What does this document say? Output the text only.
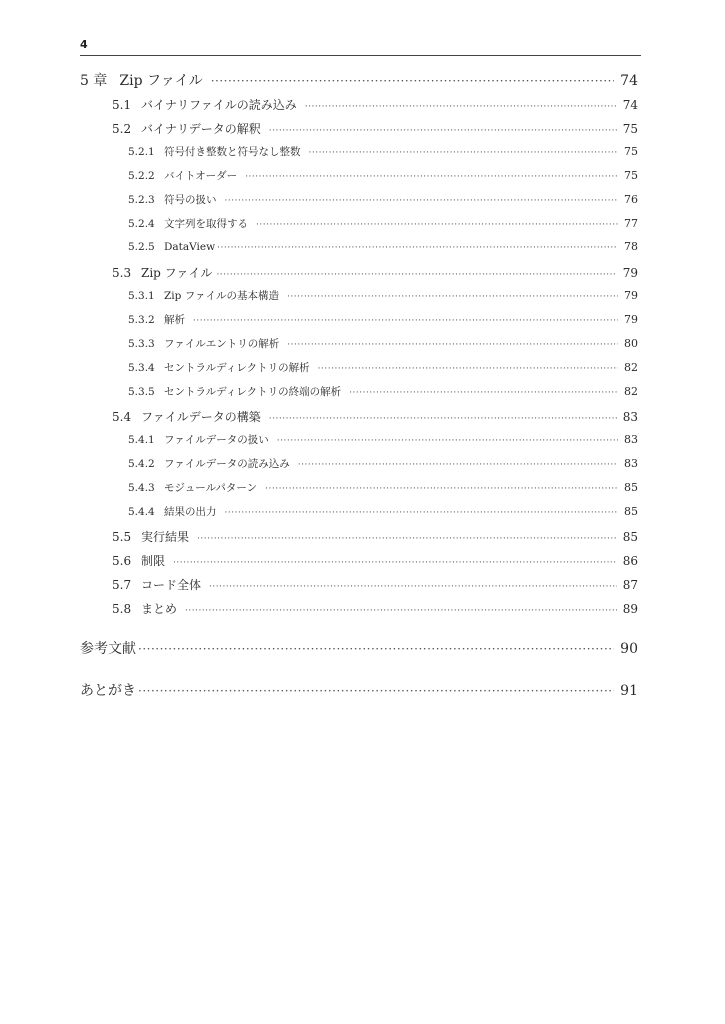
4
5 章 Zip ファイル ·····	74
5.1 バイナリファイルの読み込み ·····	74
5.2 バイナリデータの解釈 ·····	75
5.2.1 符号付き整数と符号なし整数 ·····	75
5.2.2 バイトオーダー ·····	75
5.2.3 符号の扱い ·····	76
5.2.4 文字列を取得する ·····	77
5.2.5 DataView ·····	78
5.3 Zip ファイル ·····	79
5.3.1 Zip ファイルの基本構造 ·····	79
5.3.2 解析 ·····	79
5.3.3 ファイルエントリの解析 ·····	80
5.3.4 セントラルディレクトリの解析 ·····	82
5.3.5 セントラルディレクトリの終端の解析 ·····	82
5.4 ファイルデータの構築 ·····	83
5.4.1 ファイルデータの扱い ·····	83
5.4.2 ファイルデータの読み込み ·····	83
5.4.3 モジュールパターン ·····	85
5.4.4 結果の出力 ·····	85
5.5 実行結果 ·····	85
5.6 制限 ·····	86
5.7 コード全体 ·····	87
5.8 まとめ ·····	89
参考文献 ·····	90
あとがき ·····	91
